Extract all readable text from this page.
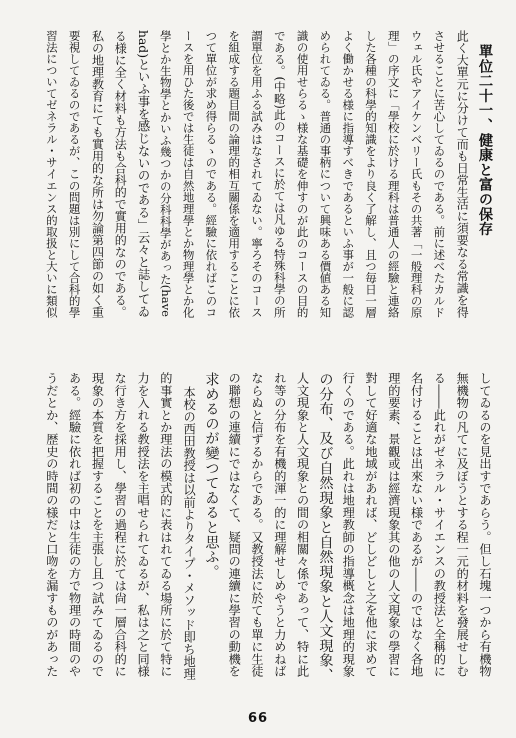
單位二十一、健康と富の保存
此く大單元に分けて而も日常生活に須要なる常識を得
させることに苦心してゐるのである。前に述べたカルド
ウェル氏やアイケンベリー氏もその共著「一般理科の原
理」の序文に「學校に於ける理科は普通人の經驗と連絡
した各種の科學的知識をより良く了解し、且つ毎日一層
よく働かせる様に指導すべきであるといふ事が一般に認
められてゐる。普通の事柄について興味ある價値ある知
識の使用せらるゝ様な基礎を伸すのが此のコースの目的
である。(中略)此のコースに於ては凡ゆる特殊科學の所
謂單位を用ふる試みはなされてゐない。寧ろそのコース
を組成する題目間の論理的相互關係を適用することに依
つて單位が求め得らるゝのである。經驗に依ればこのコ
ースを用ひた後では生徒は自然地理學とか物理學とか化
學とか生物學とかいふ幾つかの分科科學があった(have
had)といふ事を感じないのである」云々と誌してゐ
る様に全く材料も方法も合科的で實用的なのである。
私の地理教育にても實用的な所は勿論第四節の如く重
要視してゐるのであるが、この問題は別にして合科的學
習法についてゼネラル・サイエンス的取扱と大いに類似
してゐるのを見出すであらう。但し石塊一つから有機物
無機物の凡てに及ぼうとする程一元的材料を發展せしむ
る――此れがゼネラル・サイエンスの教授法と全稱的に
名付けることは出來ない様であるが――のではなく各地
理的要素、景觀或は經濟現象其の他の人文現象の學習に
對して好適な地域があれば、どしどしと之を他に求めて
行くのである。此れは地理教師の指導概念は地理的現象
の分布、及び自然現象と自然現象と人文現象、
人文現象と人文現象との間の相關々係であって、特に此
れ等の分布を有機的渾一的に理解せしめやうと力めねば
ならぬと信ずるからである。又教授法に於ても單に生徒
の聯想の連續にではなくて、疑問の連續に學習の動機を
求めるのが變つてゐると思ふ。
本校の西田教授は以前よりタイプ・メソッド即ち地理
的事實とか理法の模式的に表はれてゐる場所に於て特に
力を入れる教授法を主唱せられてゐるが、私は之と同様
な行き方を採用し、學習の過程に於ては尙一層合科的に
現象の本質を把握することを主張し且つ試みてゐるので
ある。經驗に依れば初の中は生徒の方で物理の時間のや
うだとか、歴史の時間の様だと口吻を漏すものがあった
66
